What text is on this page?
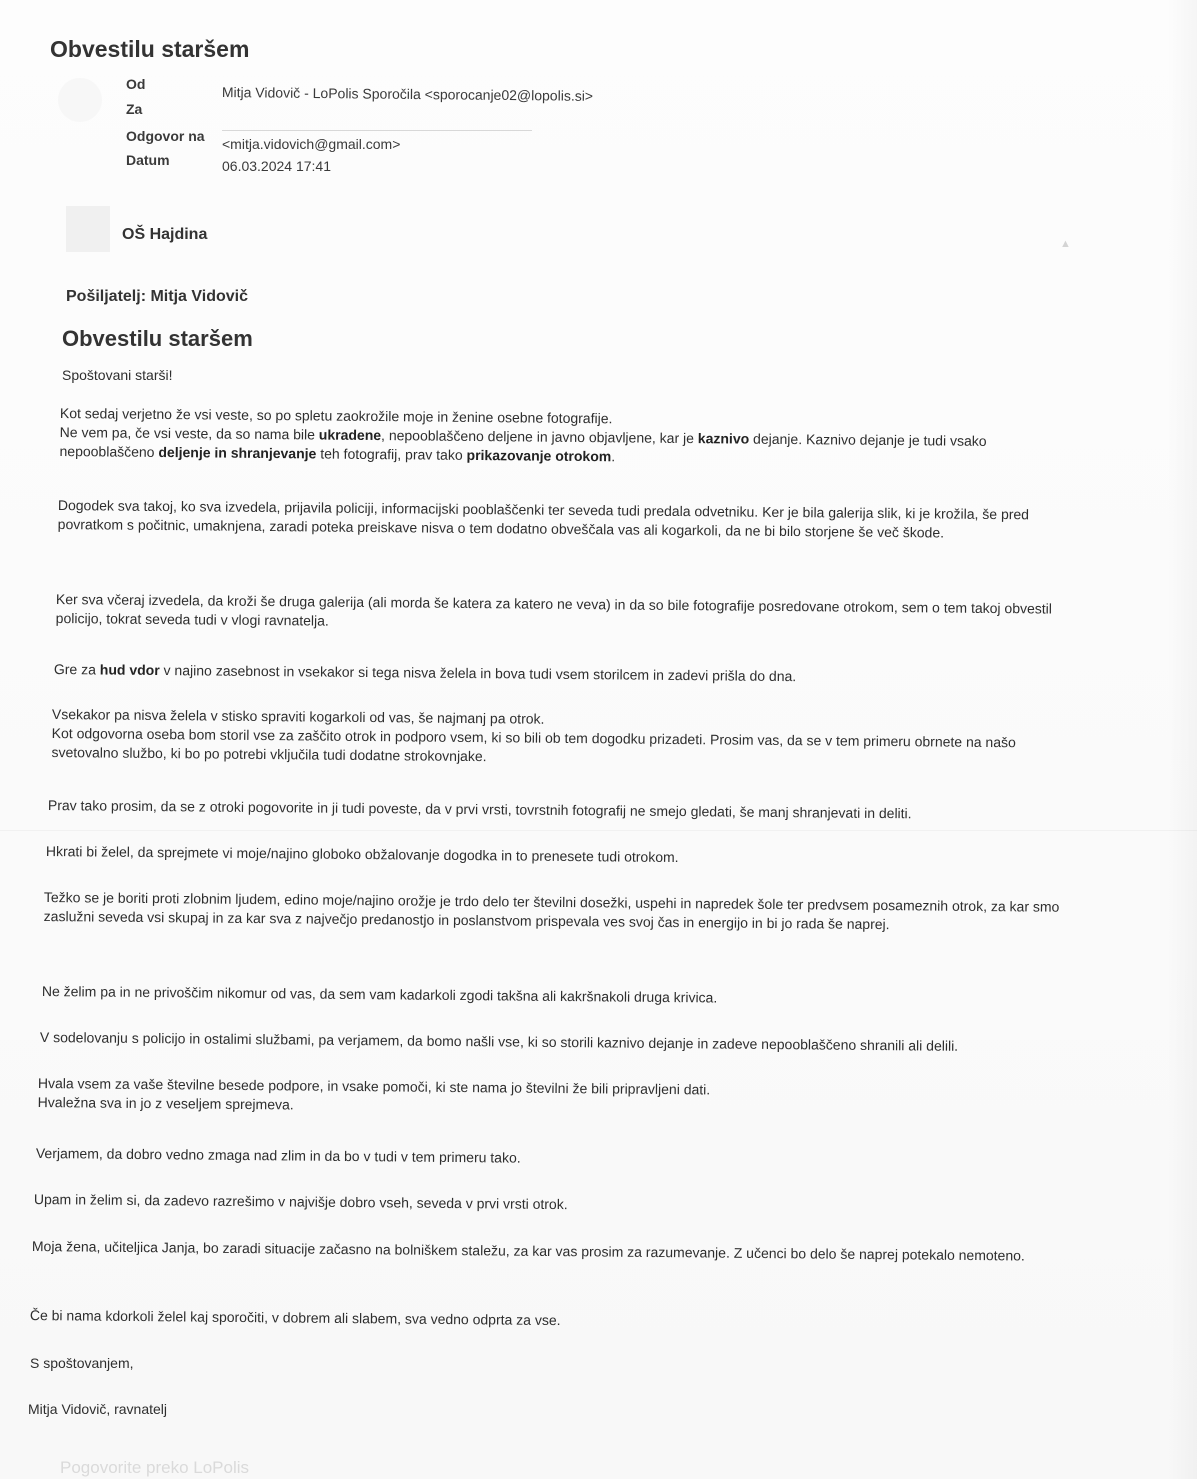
Obvestilu staršem
Od	Mitja Vidovič - LoPolis Sporočila <sporocanje02@lopolis.si>
Za
Odgovor na <mitja.vidovich@gmail.com>
Datum	06.03.2024 17:41
OŠ Hajdina
▲
Pošiljatelj: Mitja Vidovič
Obvestilu staršem

Spoštovani starši!

Kot sedaj verjetno že vsi veste, so po spletu zaokrožile moje in ženine osebne fotografije.
Ne vem pa, če vsi veste, da so nama bile ukradene, nepooblaščeno deljene in javno objavljene, kar je kaznivo dejanje. Kaznivo dejanje je tudi vsako
nepooblaščeno deljenje in shranjevanje teh fotografij, prav tako prikazovanje otrokom.

Dogodek sva takoj, ko sva izvedela, prijavila policiji, informacijski pooblaščenki ter seveda tudi predala odvetniku. Ker je bila galerija slik, ki je krožila, še pred povratkom s počitnic, umaknjena, zaradi poteka preiskave nisva o tem dodatno obveščala vas ali kogarkoli, da ne bi bilo storjene še več škode.

Ker sva včeraj izvedela, da kroži še druga galerija (ali morda še katera za katero ne veva) in da so bile fotografije posredovane otrokom, sem o tem takoj obvestil policijo, tokrat seveda tudi v vlogi ravnatelja.

Gre za hud vdor v najino zasebnost in vsekakor si tega nisva želela in bova tudi vsem storilcem in zadevi prišla do dna.
Vsekakor pa nisva želela v stisko spraviti kogarkoli od vas, še najmanj pa otrok.
Kot odgovorna oseba bom storil vse za zaščito otrok in podporo vsem, ki so bili ob tem dogodku prizadeti. Prosim vas, da se v tem primeru obrnete na našo svetovalno službo, ki bo po potrebi vključila tudi dodatne strokovnjake.

Prav tako prosim, da se z otroki pogovorite in ji tudi poveste, da v prvi vrsti, tovrstnih fotografij ne smejo gledati, še manj shranjevati in deliti.

Hkrati bi želel, da sprejmete vi moje/najino globoko obžalovanje dogodka in to prenesete tudi otrokom.

Težko se je boriti proti zlobnim ljudem, edino moje/najino orožje je trdo delo ter številni dosežki, uspehi in napredek šole ter predvsem posameznih otrok, za kar smo zaslužni seveda vsi skupaj in za kar sva z največjo predanostjo in poslanstvom prispevala ves svoj čas in energijo in bi jo rada še naprej.

Ne želim pa in ne privoščim nikomur od vas, da sem vam kadarkoli zgodi takšna ali kakršnakoli druga krivica.

V sodelovanju s policijo in ostalimi službami, pa verjamem, da bomo našli vse, ki so storili kaznivo dejanje in zadeve nepooblaščeno shranili ali delili.

Hvala vsem za vaše številne besede podpore, in vsake pomoči, ki ste nama jo številni že bili pripravljeni dati.
Hvaležna sva in jo z veseljem sprejmeva.

Verjamem, da dobro vedno zmaga nad zlim in da bo v tudi v tem primeru tako.

Upam in želim si, da zadevo razrešimo v najvišje dobro vseh, seveda v prvi vrsti otrok.

Moja žena, učiteljica Janja, bo zaradi situacije začasno na bolniškem staležu, za kar vas prosim za razumevanje. Z učenci bo delo še naprej potekalo nemoteno.

Če bi nama kdorkoli želel kaj sporočiti, v dobrem ali slabem, sva vedno odprta za vse.

S spoštovanjem,

Mitja Vidovič, ravnatelj

Pogovorite preko LoPolis
